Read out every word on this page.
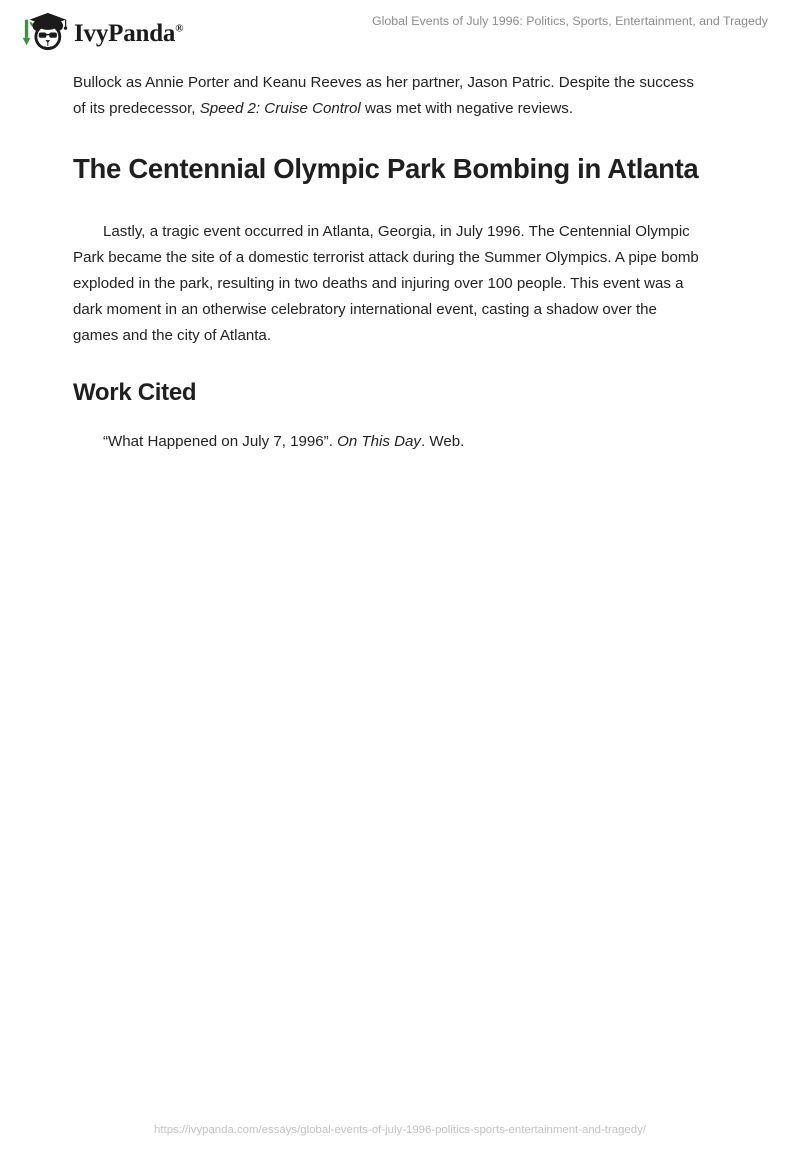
IvyPanda®
Global Events of July 1996: Politics, Sports, Entertainment, and Tragedy

Bullock as Annie Porter and Keanu Reeves as her partner, Jason Patric. Despite the success of its predecessor, Speed 2: Cruise Control was met with negative reviews.

The Centennial Olympic Park Bombing in Atlanta

Lastly, a tragic event occurred in Atlanta, Georgia, in July 1996. The Centennial Olympic Park became the site of a domestic terrorist attack during the Summer Olympics. A pipe bomb exploded in the park, resulting in two deaths and injuring over 100 people. This event was a dark moment in an otherwise celebratory international event, casting a shadow over the games and the city of Atlanta.

Work Cited

“What Happened on July 7, 1996”. On This Day. Web.

https://ivypanda.com/essays/global-events-of-july-1996-politics-sports-entertainment-and-tragedy/
